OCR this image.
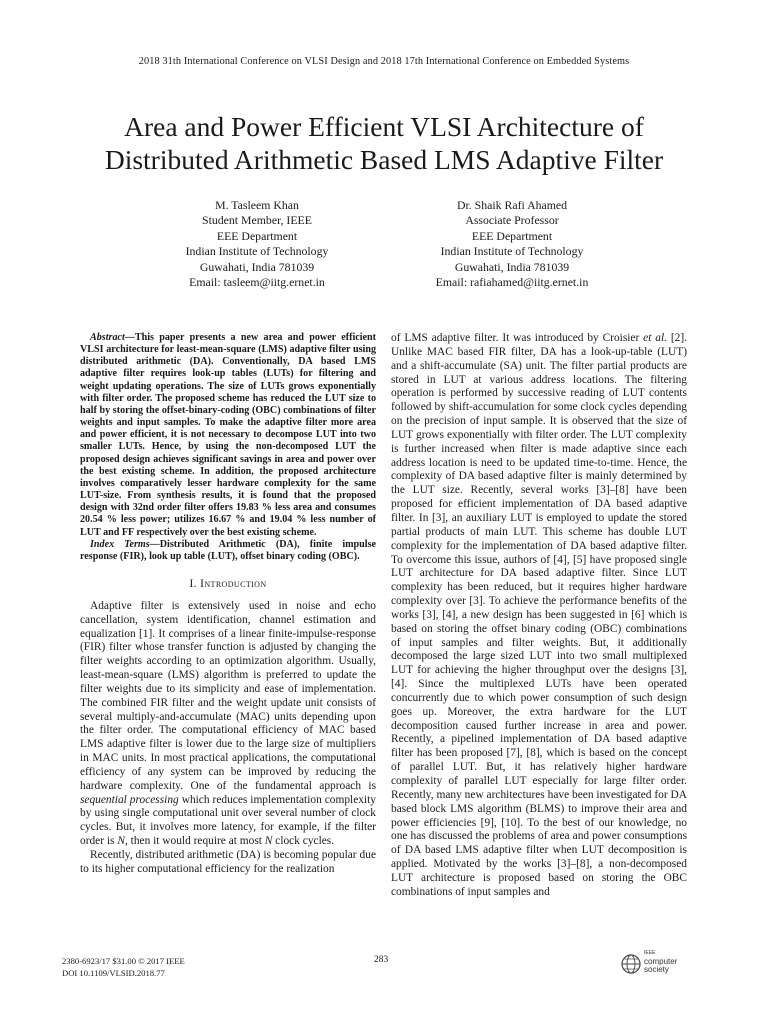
2018 31th International Conference on VLSI Design and 2018 17th International Conference on Embedded Systems
Area and Power Efficient VLSI Architecture of
Distributed Arithmetic Based LMS Adaptive Filter
M. Tasleem Khan
Student Member, IEEE
EEE Department
Indian Institute of Technology
Guwahati, India 781039
Email: tasleem@iitg.ernet.in
Dr. Shaik Rafi Ahamed
Associate Professor
EEE Department
Indian Institute of Technology
Guwahati, India 781039
Email: rafiahamed@iitg.ernet.in

Abstract—This paper presents a new area and power efficient VLSI architecture for least-mean-square (LMS) adaptive filter using distributed arithmetic (DA). Conventionally, DA based LMS adaptive filter requires look-up tables (LUTs) for filtering and weight updating operations. The size of LUTs grows exponentially with filter order. The proposed scheme has reduced the LUT size to half by storing the offset-binary-coding (OBC) combinations of filter weights and input samples. To make the adaptive filter more area and power efficient, it is not necessary to decompose LUT into two smaller LUTs. Hence, by using the non-decomposed LUT the proposed design achieves significant savings in area and power over the best existing scheme. In addition, the proposed architecture involves comparatively lesser hardware complexity for the same LUT-size. From synthesis results, it is found that the proposed design with 32nd order filter offers 19.83 % less area and consumes 20.54 % less power; utilizes 16.67 % and 19.04 % less number of LUT and FF respectively over the best existing scheme.

Index Terms—Distributed Arithmetic (DA), finite impulse response (FIR), look up table (LUT), offset binary coding (OBC).

I. Introduction

Adaptive filter is extensively used in noise and echo cancellation, system identification, channel estimation and equalization [1]. It comprises of a linear finite-impulse-response (FIR) filter whose transfer function is adjusted by changing the filter weights according to an optimization algorithm. Usually, least-mean-square (LMS) algorithm is preferred to update the filter weights due to its simplicity and ease of implementation. The combined FIR filter and the weight update unit consists of several multiply-and-accumulate (MAC) units depending upon the filter order. The computational efficiency of MAC based LMS adaptive filter is lower due to the large size of multipliers in MAC units. In most practical applications, the computational efficiency of any system can be improved by reducing the hardware complexity. One of the fundamental approach is sequential processing which reduces implementation complexity by using single computational unit over several number of clock cycles. But, it involves more latency, for example, if the filter order is N, then it would require at most N clock cycles.

Recently, distributed arithmetic (DA) is becoming popular due to its higher computational efficiency for the realization

of LMS adaptive filter. It was introduced by Croisier et al. [2]. Unlike MAC based FIR filter, DA has a look-up-table (LUT) and a shift-accumulate (SA) unit. The filter partial products are stored in LUT at various address locations. The filtering operation is performed by successive reading of LUT contents followed by shift-accumulation for some clock cycles depending on the precision of input sample. It is observed that the size of LUT grows exponentially with filter order. The LUT complexity is further increased when filter is made adaptive since each address location is need to be updated time-to-time. Hence, the complexity of DA based adaptive filter is mainly determined by the LUT size. Recently, several works [3]–[8] have been proposed for efficient implementation of DA based adaptive filter. In [3], an auxiliary LUT is employed to update the stored partial products of main LUT. This scheme has double LUT complexity for the implementation of DA based adaptive filter. To overcome this issue, authors of [4], [5] have proposed single LUT architecture for DA based adaptive filter. Since LUT complexity has been reduced, but it requires higher hardware complexity over [3]. To achieve the performance benefits of the works [3], [4], a new design has been suggested in [6] which is based on storing the offset binary coding (OBC) combinations of input samples and filter weights. But, it additionally decomposed the large sized LUT into two small multiplexed LUT for achieving the higher throughput over the designs [3], [4]. Since the multiplexed LUTs have been operated concurrently due to which power consumption of such design goes up. Moreover, the extra hardware for the LUT decomposition caused further increase in area and power. Recently, a pipelined implementation of DA based adaptive filter has been proposed [7], [8], which is based on the concept of parallel LUT. But, it has relatively higher hardware complexity of parallel LUT especially for large filter order. Recently, many new architectures have been investigated for DA based block LMS algorithm (BLMS) to improve their area and power efficiencies [9], [10]. To the best of our knowledge, no one has discussed the problems of area and power consumptions of DA based LMS adaptive filter when LUT decomposition is applied. Motivated by the works [3]–[8], a non-decomposed LUT architecture is proposed based on storing the OBC combinations of input samples and

2380-6923/17 $31.00 © 2017 IEEE
DOI 10.1109/VLSID.2018.77
283
IEEE
computer
society
